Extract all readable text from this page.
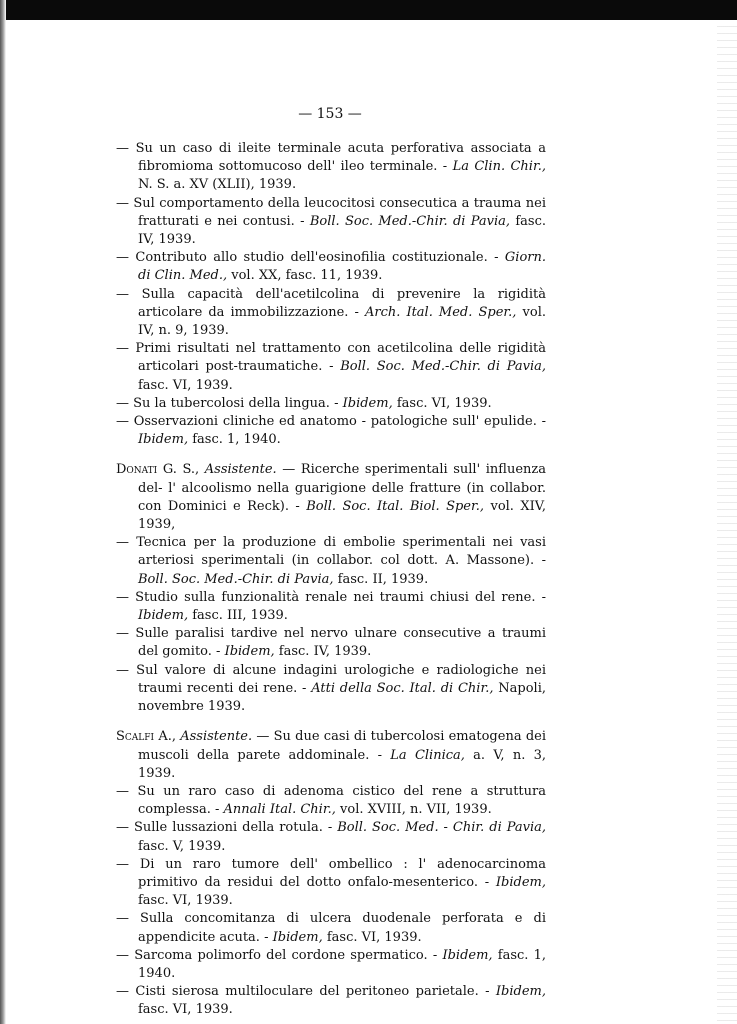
— 153 —

— Su un caso di ileite terminale acuta perforativa associata a fibromioma sottomucoso dell' ileo terminale. - La Clin. Chir., N. S. a. XV (XLII), 1939.

— Sul comportamento della leucocitosi consecutica a trauma nei fratturati e nei contusi. - Boll. Soc. Med.-Chir. di Pavia, fasc. IV, 1939.

— Contributo allo studio dell'eosinofilia costituzionale. - Giorn. di Clin. Med., vol. XX, fasc. 11, 1939.

— Sulla capacità dell'acetilcolina di prevenire la rigidità articolare da immobilizzazione. - Arch. Ital. Med. Sper., vol. IV, n. 9, 1939.

— Primi risultati nel trattamento con acetilcolina delle rigidità articolari post-traumatiche. - Boll. Soc. Med.-Chir. di Pavia, fasc. VI, 1939.

— Su la tubercolosi della lingua. - Ibidem, fasc. VI, 1939.

— Osservazioni cliniche ed anatomo - patologiche sull' epulide. - Ibidem, fasc. 1, 1940.

Donati G. S., Assistente. — Ricerche sperimentali sull' influenza del- l' alcoolismo nella guarigione delle fratture (in collabor. con Dominici e Reck). - Boll. Soc. Ital. Biol. Sper., vol. XIV, 1939,

— Tecnica per la produzione di embolie sperimentali nei vasi arteriosi sperimentali (in collabor. col dott. A. Massone). - Boll. Soc. Med.-Chir. di Pavia, fasc. II, 1939.

— Studio sulla funzionalità renale nei traumi chiusi del rene. - Ibidem, fasc. III, 1939.

— Sulle paralisi tardive nel nervo ulnare consecutive a traumi del gomito. - Ibidem, fasc. IV, 1939.

— Sul valore di alcune indagini urologiche e radiologiche nei traumi recenti dei rene. - Atti della Soc. Ital. di Chir., Napoli, novembre 1939.

Scalfi A., Assistente. — Su due casi di tubercolosi ematogena dei muscoli della parete addominale. - La Clinica, a. V, n. 3, 1939.

— Su un raro caso di adenoma cistico del rene a struttura complessa. - Annali Ital. Chir., vol. XVIII, n. VII, 1939.

— Sulle lussazioni della rotula. - Boll. Soc. Med. - Chir. di Pavia, fasc. V, 1939.

— Di un raro tumore dell' ombellico : l' adenocarcinoma primitivo da residui del dotto onfalo-mesenterico. - Ibidem, fasc. VI, 1939.

— Sulla concomitanza di ulcera duodenale perforata e di appendicite acuta. - Ibidem, fasc. VI, 1939.

— Sarcoma polimorfo del cordone spermatico. - Ibidem, fasc. 1, 1940.

— Cisti sierosa multiloculare del peritoneo parietale. - Ibidem, fasc. VI, 1939.
